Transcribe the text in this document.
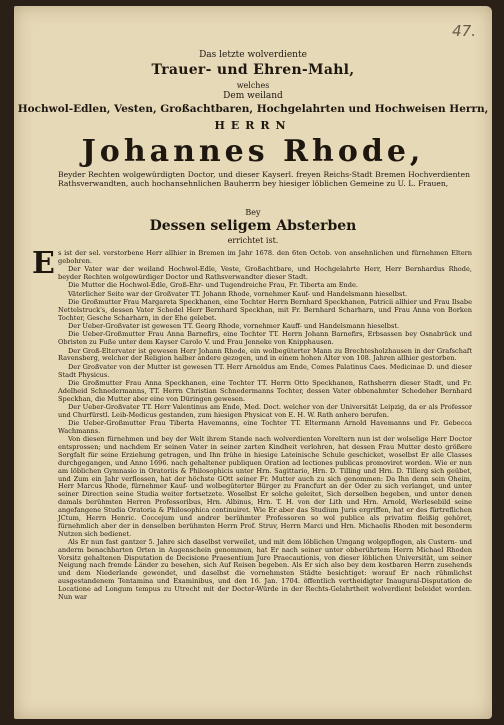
47.
Das letzte wolverdiente
Trauer- und Ehren-Mahl,
welches
Dem weiland
Hochwol-Edlen, Vesten, Großachtbaren, Hochgelahrten und Hochweisen Herrn,
HERRN
Johannes Rhode,
Beyder Rechten wolgewürdigten Doctor, und dieser Kayserl. freyen Reichs-Stadt Bremen Hochverdienten Rathsverwandten, auch hochansehnlichen Bauherrn bey hiesiger löblichen Gemeine zu U. L. Frauen,
Bey
Dessen seligem Absterben
errichtet ist.

Es ist der sel. verstorbene Herr allhier in Bremen im Jahr 1678. den 6ten Octob. von ansehnlichen und fürnehmen Eltern gebohren.

Der Vater war der weiland Hochwol-Edle, Veste, Großachtbare, und Hochgelahrte Herr, Herr Bernhardus Rhode, beyder Rechten wolgewürdiger Doctor und Rathsverwandter dieser Stadt.

Die Mutter die Hochwol-Edle, Groß-Ehr- und Tugendreiche Frau, Fr. Tiberta am Ende.

Väterlicher Seite war der Großvater TT. Johann Rhode, vornehmer Kauf- und Handelsmann hieselbst.

Die Großmutter Frau Margareta Speckhanen, eine Tochter Herrn Bernhard Speckhanen, Patricii allhier und Frau Ilsabe Nettelstruck's, dessen Vater Schedel Herr Bernhard Speckhan, mit Fr. Bernhard Scharharn, und Frau Anna von Borken Tochter, Gesche Scharharn, in der Ehe gelebet.

Der Ueber-Großvater ist gewesen TT. Georg Rhode, vornehmer Kauff- und Handelsmann hieselbst.

Die Ueber-Großmutter Frau Anna Barnefirs, eine Tochter TT. Herrn Johann Barnefirs, Erbsassen bey Osnabrück und Obristen zu Fuße unter dem Kayser Carolo V. und Frau Jenneke von Knipphausen.

Der Groß-Eltervater ist gewesen Herr Johann Rhode, ein wolbegüterter Mann zu Brechtesholzhausen in der Grafschaft Ravensberg, welcher der Religion halber andere gezogen, und in einem hohen Alter von 108. Jahren allhier gestorben.

Der Großvater von der Mutter ist gewesen TT. Herr Arnoldus am Ende, Comes Palatinus Caes. Medicinae D. und dieser Stadt Physicus.

Die Großmutter Frau Anna Speckhanen, eine Tochter TT. Herrn Otto Speckhanen, Rathsherrn dieser Stadt, und Fr. Adelheid Schnedermanns, TT. Herrn Christian Schnedermanns Tochter, dessen Vater obbenahmter Schedeher Bernhard Speckhan, die Mutter aber eine von Düringen gewesen.

Der Ueber-Großvater TT. Herr Valentinus am Ende, Med. Doct. welcher von der Universität Leipzig, da er als Professor und Churfürstl. Leib-Medicus gestanden, zum hiesigen Physicat von E. H. W. Rath anhero berufen.

Die Ueber-Großmutter Frau Tiberta Havemanns, eine Tochter TT. Eltermann Arnold Havemanns und Fr. Gebecca Wachmanns.

Von diesen fürnehmen und bey der Welt ihrem Stande nach wolverdienten Voreltern nun ist der wolselige Herr Doctor entsprossen; und nachdem Er seinen Vater in seiner zarten Kindheit verlohren, hat dessen Frau Mutter desto größere Sorgfalt für seine Erziehung getragen, und Ihn frühe in hiesige Lateinische Schule geschicket, woselbst Er alle Classes durchgegangen, und Anno 1696. nach gehaltener publiquen Oration ad lectiones publicas promoviret worden. Wie er nun am löblichen Gymnasio in Oratoriis & Philosophicis unter Hrn. Sagittario, Hrn. D. Tilling und Hrn. D. Tillerg sich geübet, und Zum ein Jahr verflossen, hat der höchste GOtt seiner Fr. Mutter auch zu sich genommen: Da Ihn denn sein Oheim, Herr Marcus Rhode, fürnehmer Kauf- und wolbegüterter Bürger zu Francfurt an der Oder zu sich verlanget, und unter seiner Direction seine Studia weiter fortsetzete. Woselbst Er solche geleitet, Sich derselben begeben, und unter denen damals berühmten Herren Professoribus, Hrn. Albinus, Hrn. T. H. von der Lith und Hrn. Arnold, Werlesebild seine angefangene Studia Oratoria & Philosophica continuiret. Wie Er aber das Studium Juris ergriffen, hat er des fürtreflichen JCtum, Herrn Henric. Coccejum und andrer berühmter Professoren so wol publice als privatim fleißig gehöret, fürnehmlich aber der in denselben berühmten Herrn Prof. Struv, Herrn Marci und Hrn. Michaelis Rhoden mit besonderm Nutzen sich bedienet.

Als Er nun fast gantzer 5. Jahre sich daselbst verweilet, und mit dem löblichen Umgang wolgepflogen, als Custern- und anderm benachbarten Orten in Augenschein genommen, hat Er nach seiner unter obberührtem Herrn Michael Rhoden Vorsitz gehaltenen Disputation de Decisione Praesentium Jure Praecautionis, von dieser löblichen Universität, um seiner Neigung nach fremde Länder zu besehen, sich Auf Reisen begeben. Als Er sich also bey dem kostbaren Herrn zusehends und dem Niederlande gewendet, und daselbst die vornehmsten Städte besichtiget: worauf Er nach rühmlichst ausgestandenem Tentamina und Examinibus, und den 16. Jan. 1704. öffentlich vertheidigter Inaugural-Disputation de Locatione ad Longum tempus zu Utrecht mit der Doctor-Würde in der Rechts-Gelahrtheit wolverdient beleidet worden. Nun war
